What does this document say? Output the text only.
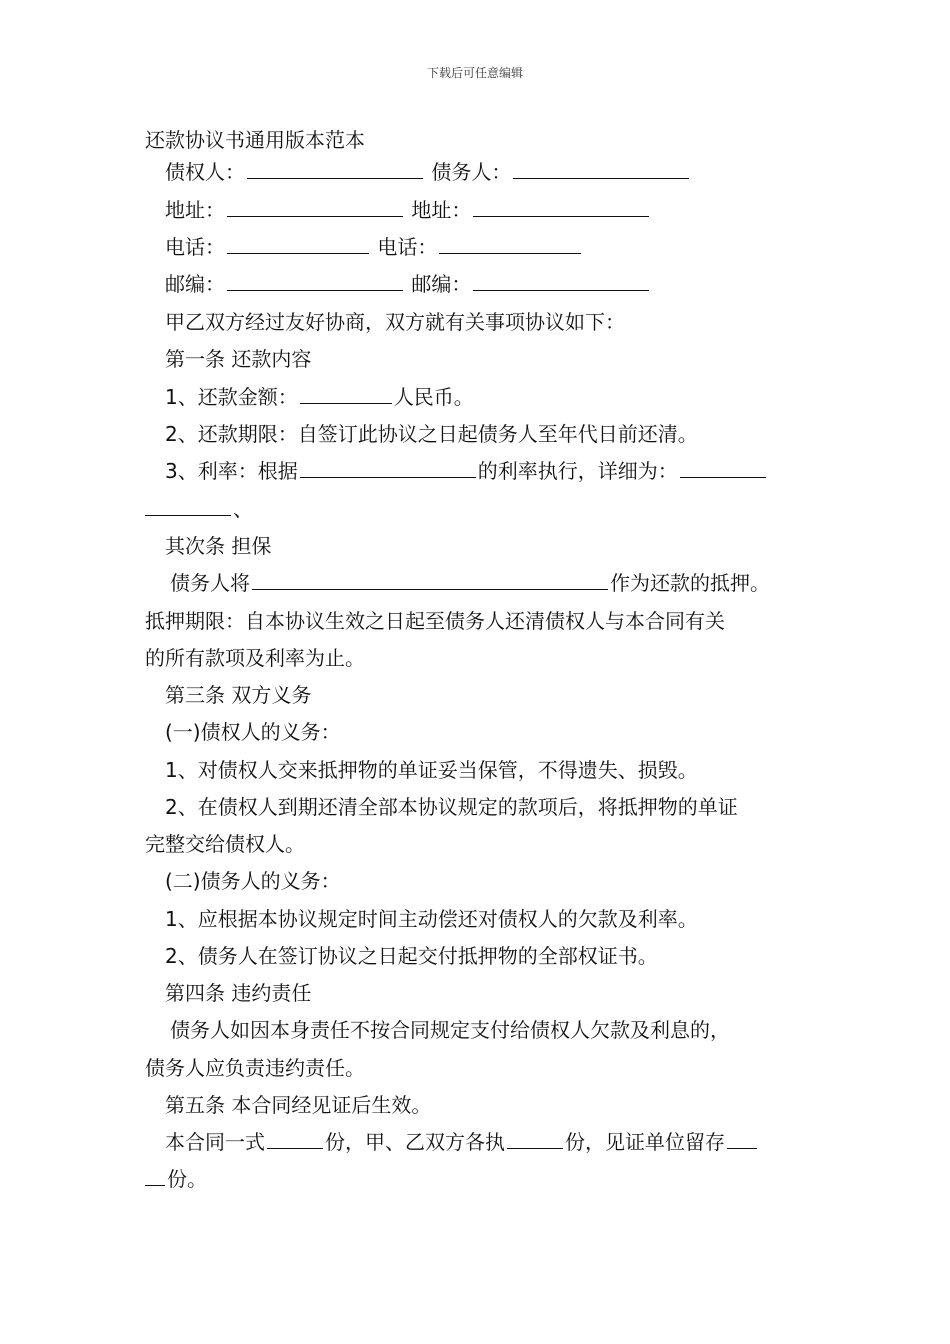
下载后可任意编辑
还款协议书通用版本范本
债权人：	债务人：
地址：	地址：
电话：	电话：
邮编：	邮编：
甲乙双方经过友好协商，双方就有关事项协议如下：
第一条 还款内容
1、还款金额：	人民币。
2、还款期限：自签订此协议之日起债务人至年代日前还清。
3、利率：根据	的利率执行，详细为：
、
其次条 担保
债务人将	作为还款的抵押。
抵押期限：自本协议生效之日起至债务人还清债权人与本合同有关
的所有款项及利率为止。
第三条 双方义务
(一)债权人的义务：
1、对债权人交来抵押物的单证妥当保管，不得遗失、损毁。
2、在债权人到期还清全部本协议规定的款项后，将抵押物的单证
完整交给债权人。
(二)债务人的义务：
1、应根据本协议规定时间主动偿还对债权人的欠款及利率。
2、债务人在签订协议之日起交付抵押物的全部权证书。
第四条 违约责任
债务人如因本身责任不按合同规定支付给债权人欠款及利息的，
债务人应负责违约责任。
第五条 本合同经见证后生效。
本合同一式	份，甲、乙双方各执	份，见证单位留存
份。
